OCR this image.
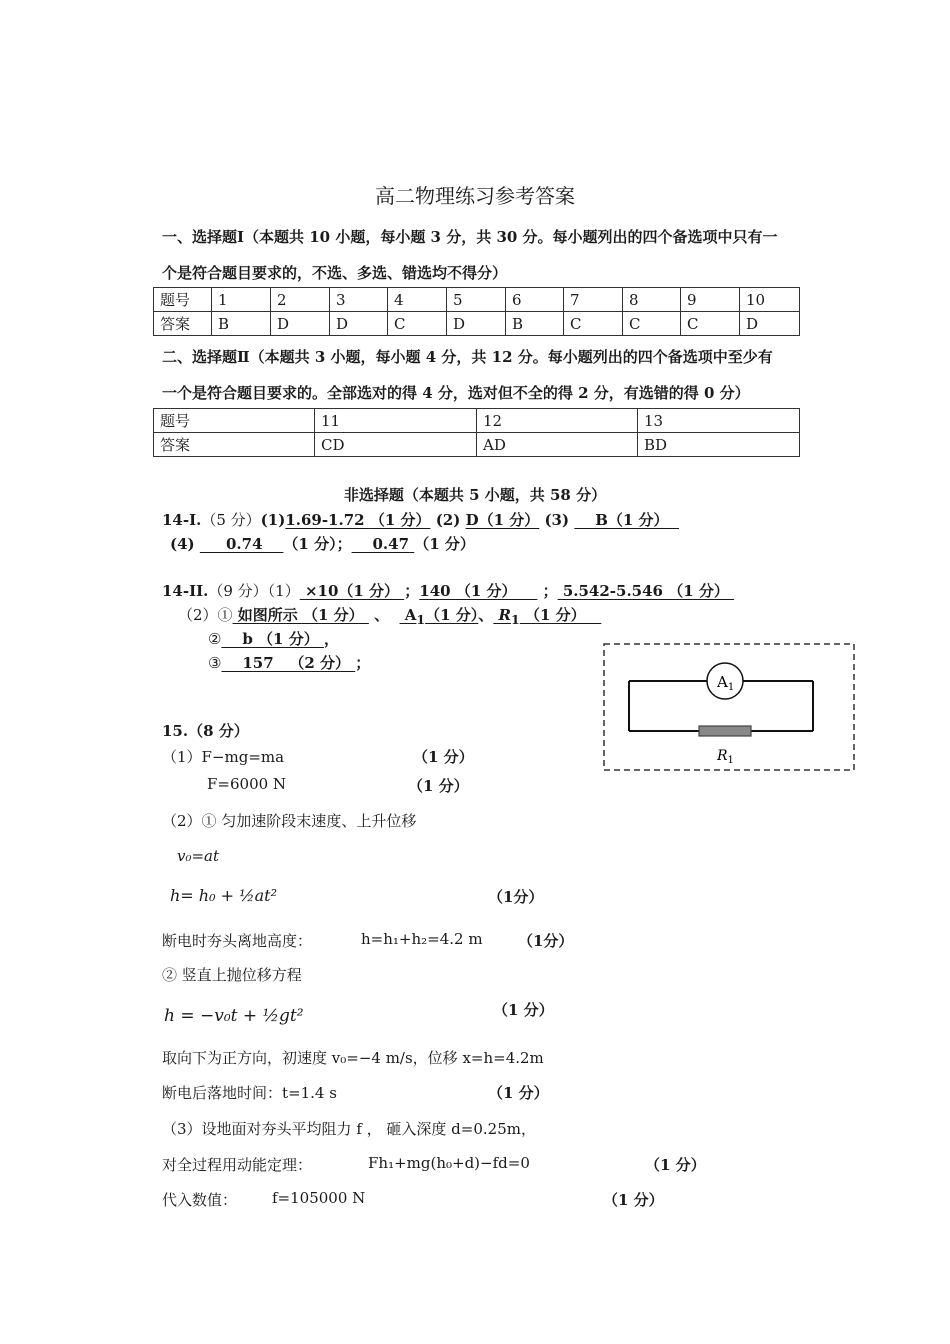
高二物理练习参考答案
一、选择题Ⅰ（本题共 10 小题，每小题 3 分，共 30 分。每小题列出的四个备选项中只有一
个是符合题目要求的，不选、多选、错选均不得分）
题号	1	2	3	4	5	6	7	8	9	10
答案	B	D	D	C	D	B	C	C	C	D
二、选择题Ⅱ（本题共 3 小题，每小题 4 分，共 12 分。每小题列出的四个备选项中至少有
一个是符合题目要求的。全部选对的得 4 分，选对但不全的得 2 分，有选错的得 0 分）
题号	11	12	13
答案	CD	AD	BD
非选择题（本题共 5 小题，共 58 分）
14-I.（5 分）(1)1.69-1.72 （1 分） (2) D（1 分） (3)     B（1 分）
(4)      0.74    （1 分）；    0.47 （1 分）
14-II.（9 分）（1） ×10（1 分） ；140 （1 分）     ； 5.542-5.546 （1 分）
（2）① 如图所示 （1 分）  、   $A_1(1$ 分）、 $R_1$ （1 分）
②    b （1 分） ，
③    157   （2 分） ；
$A_1$
$R_1$
15.（8 分）
（1）F−mg=ma	（1 分）
F=6000 N	（1 分）
（2）① 匀加速阶段末速度、上升位移
v₀=at
h= h₀ + ½at²	（1分）
断电时夯头离地高度：	h=h₁+h₂=4.2 m （1分）
② 竖直上抛位移方程
h = −v₀t + ½gt²	（1 分）
取向下为正方向，初速度 v₀=−4 m/s，位移 x=h=4.2m
断电后落地时间：t=1.4 s	（1 分）
（3）设地面对夯头平均阻力 f ， 砸入深度 d=0.25m，
对全过程用动能定理：	Fh₁+mg(h₀+d)−fd=0	（1 分）
代入数值： f=105000 N	（1 分）
